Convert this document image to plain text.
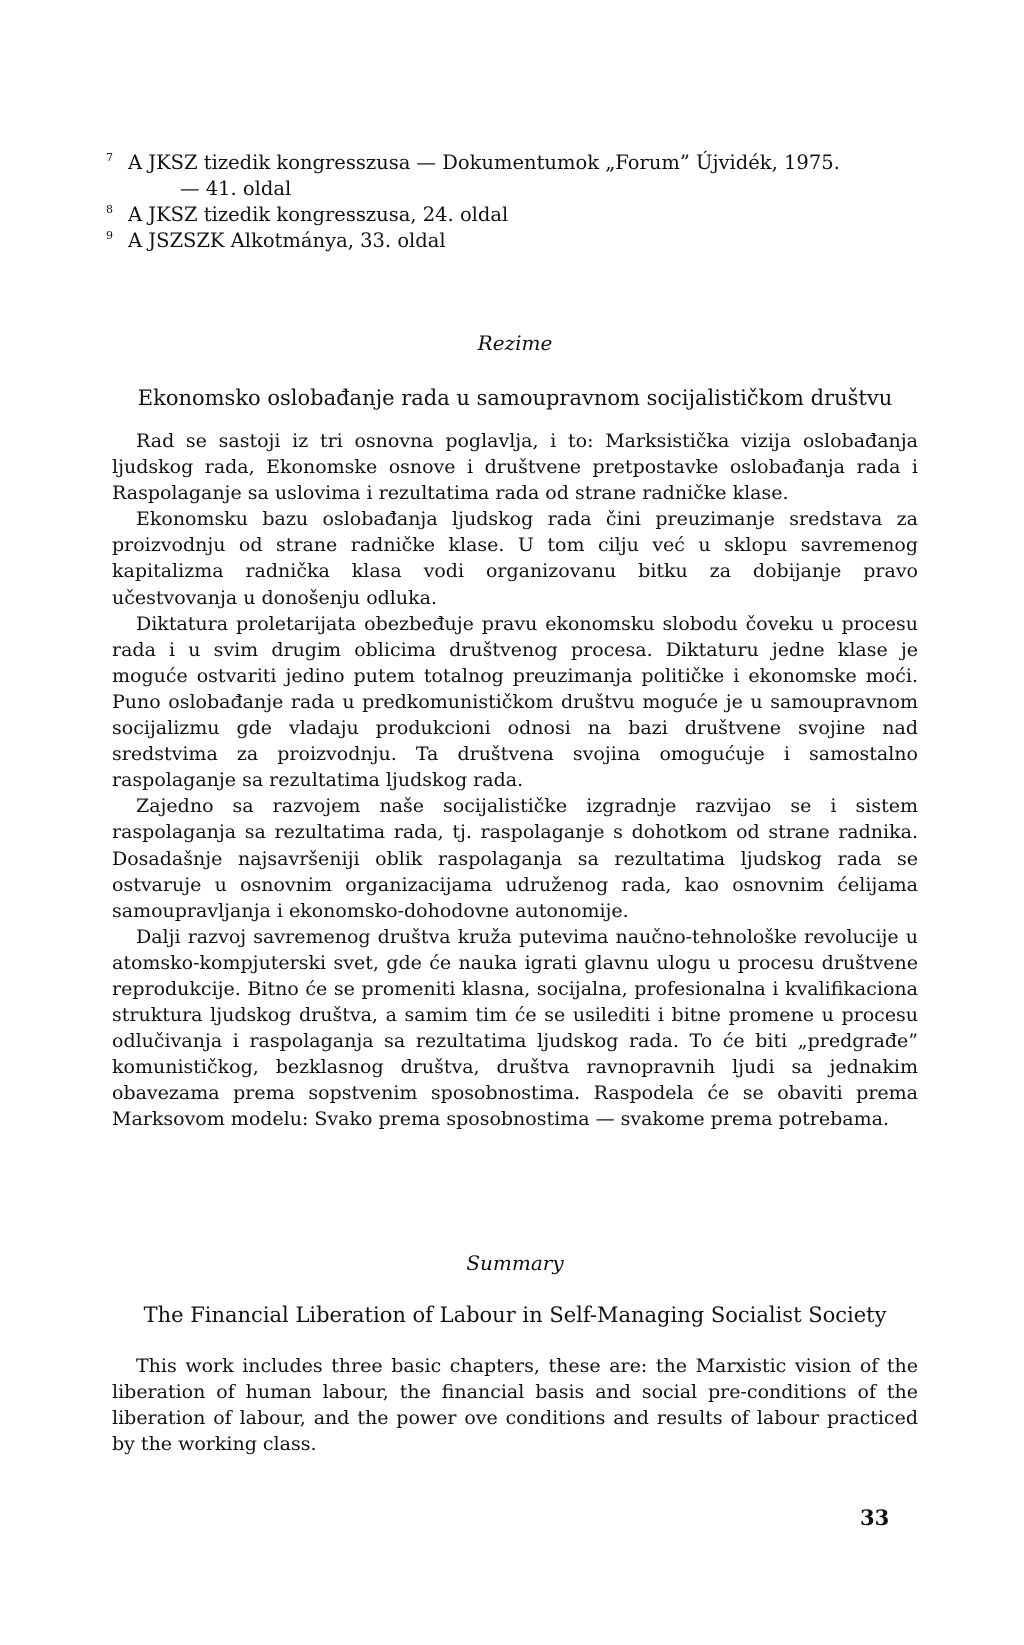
7 A JKSZ tizedik kongresszusa — Dokumentumok „Forum” Újvidék, 1975.
— 41. oldal
8 A JKSZ tizedik kongresszusa, 24. oldal
9 A JSZSZK Alkotmánya, 33. oldal
Rezime
Ekonomsko oslobađanje rada u samoupravnom socijalističkom društvu

Rad se sastoji iz tri osnovna poglavlja, i to: Marksistička vizija oslobađanja ljudskog rada, Ekonomske osnove i društvene pretpostavke oslobađanja rada i Raspolaganje sa uslovima i rezultatima rada od strane radničke klase.

Ekonomsku bazu oslobađanja ljudskog rada čini preuzimanje sredstava za proizvodnju od strane radničke klase. U tom cilju već u sklopu savremenog kapitalizma radnička klasa vodi organizovanu bitku za dobijanje pravo učestvovanja u donošenju odluka.

Diktatura proletarijata obezbeđuje pravu ekonomsku slobodu čoveku u procesu rada i u svim drugim oblicima društvenog procesa. Diktaturu jedne klase je moguće ostvariti jedino putem totalnog preuzimanja političke i ekonomske moći. Puno oslobađanje rada u predkomunističkom društvu moguće je u samoupravnom socijalizmu gde vladaju produkcioni odnosi na bazi društvene svojine nad sredstvima za proizvodnju. Ta društvena svojina omogućuje i samostalno raspolaganje sa rezultatima ljudskog rada.

Zajedno sa razvojem naše socijalističke izgradnje razvijao se i sistem raspolaganja sa rezultatima rada, tj. raspolaganje s dohotkom od strane radnika. Dosadašnje najsavršeniji oblik raspolaganja sa rezultatima ljudskog rada se ostvaruje u osnovnim organizacijama udruženog rada, kao osnovnim ćelijama samoupravljanja i ekonomsko-dohodovne autonomije.

Dalji razvoj savremenog društva kruža putevima naučno-tehnološke revolucije u atomsko-kompjuterski svet, gde će nauka igrati glavnu ulogu u procesu društvene reprodukcije. Bitno će se promeniti klasna, socijalna, profesionalna i kvalifikaciona struktura ljudskog društva, a samim tim će se usilediti i bitne promene u procesu odlučivanja i raspolaganja sa rezultatima ljudskog rada. To će biti „predgrađe” komunističkog, bezklasnog društva, društva ravnopravnih ljudi sa jednakim obavezama prema sopstvenim sposobnostima. Raspodela će se obaviti prema Marksovom modelu: Svako prema sposobnostima — svakome prema potrebama.

Summary
The Financial Liberation of Labour in Self-Managing Socialist Society

This work includes three basic chapters, these are: the Marxistic vision of the liberation of human labour, the financial basis and social pre-conditions of the liberation of labour, and the power ove conditions and results of labour practiced by the working class.

33
